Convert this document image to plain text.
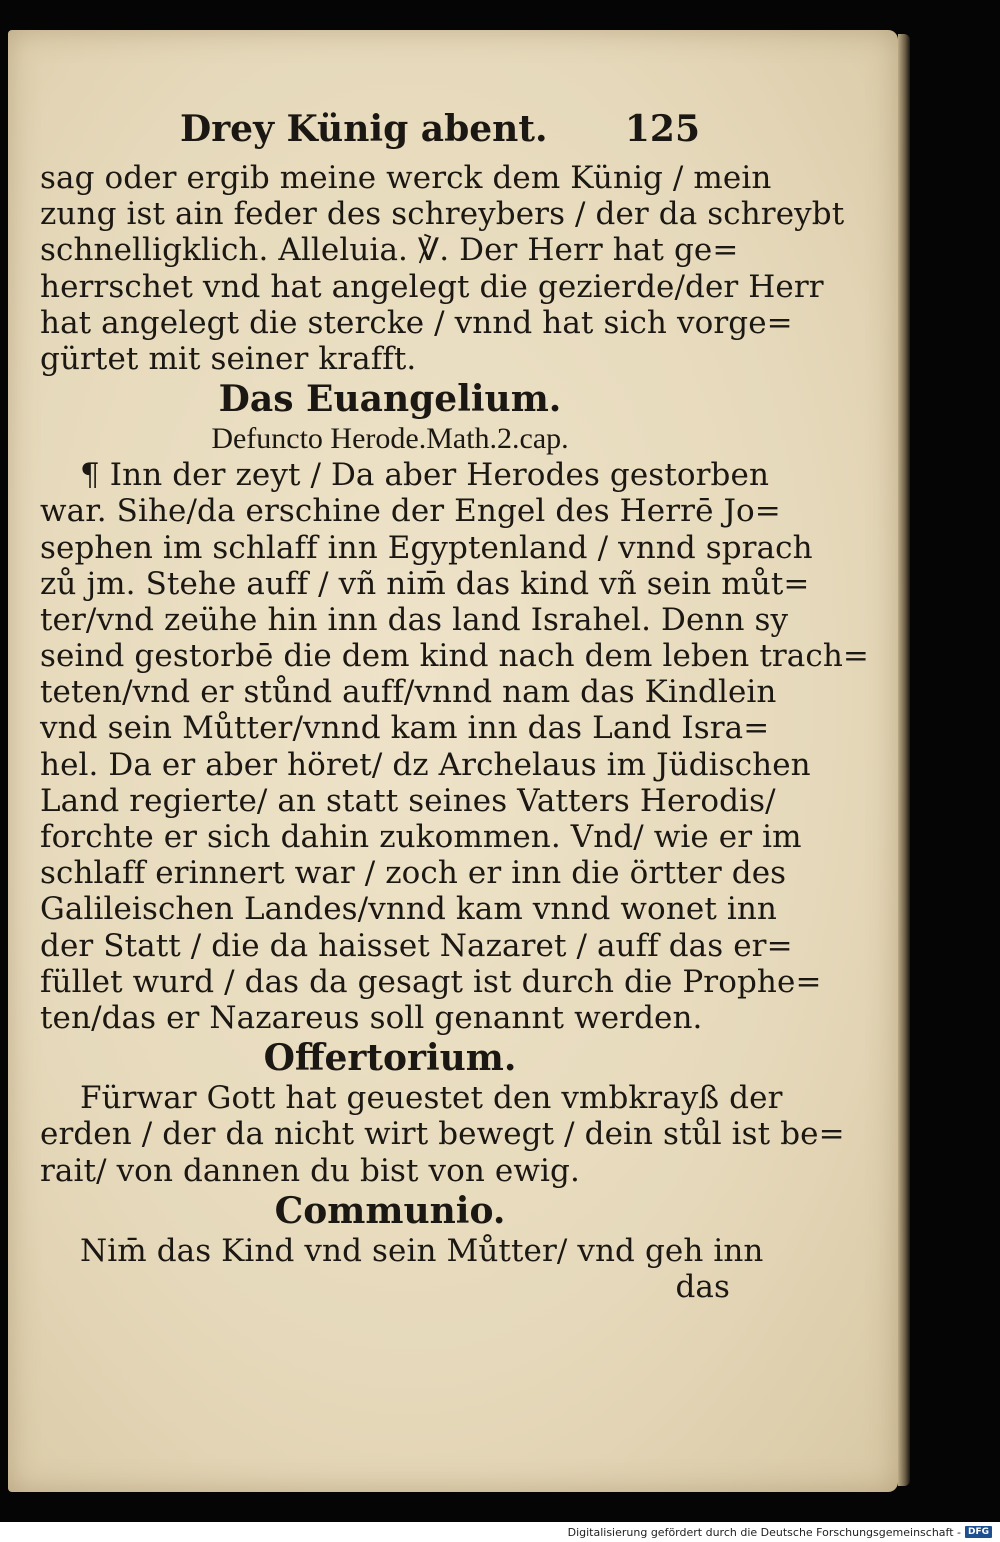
Drey Künig abent. 125
sag oder ergib meine werck dem Künig / mein
zung ist ain feder des schreybers / der da schreybt
schnelligklich. Alleluia. ℣. Der Herr hat ge=
herrschet vnd hat angelegt die gezierde/der Herr
hat angelegt die stercke / vnnd hat sich vorge=
gürtet mit seiner krafft.
Das Euangelium.
Defuncto Herode.Math.2.cap.
¶ Inn der zeyt / Da aber Herodes gestorben
war. Sihe/da erschine der Engel des Herrē Jo=
sephen im schlaff inn Egyptenland / vnnd sprach
zů jm. Stehe auff / vñ nim̄ das kind vñ sein můt=
ter/vnd zeühe hin inn das land Israhel. Denn sy
seind gestorbē die dem kind nach dem leben trach=
teten/vnd er stůnd auff/vnnd nam das Kindlein
vnd sein Můtter/vnnd kam inn das Land Isra=
hel. Da er aber höret/ dz Archelaus im Jüdischen
Land regierte/ an statt seines Vatters Herodis/
forchte er sich dahin zukommen. Vnd/ wie er im
schlaff erinnert war / zoch er inn die örtter des
Galileischen Landes/vnnd kam vnnd wonet inn
der Statt / die da haisset Nazaret / auff das er=
füllet wurd / das da gesagt ist durch die Prophe=
ten/das er Nazareus soll genannt werden.
Offertorium.
Fürwar Gott hat geuestet den vmbkrayß der
erden / der da nicht wirt bewegt / dein stůl ist be=
rait/ von dannen du bist von ewig.
Communio.
Nim̄ das Kind vnd sein Můtter/ vnd geh inn
das
Digitalisierung gefördert durch die Deutsche Forschungsgemeinschaft - DFG
